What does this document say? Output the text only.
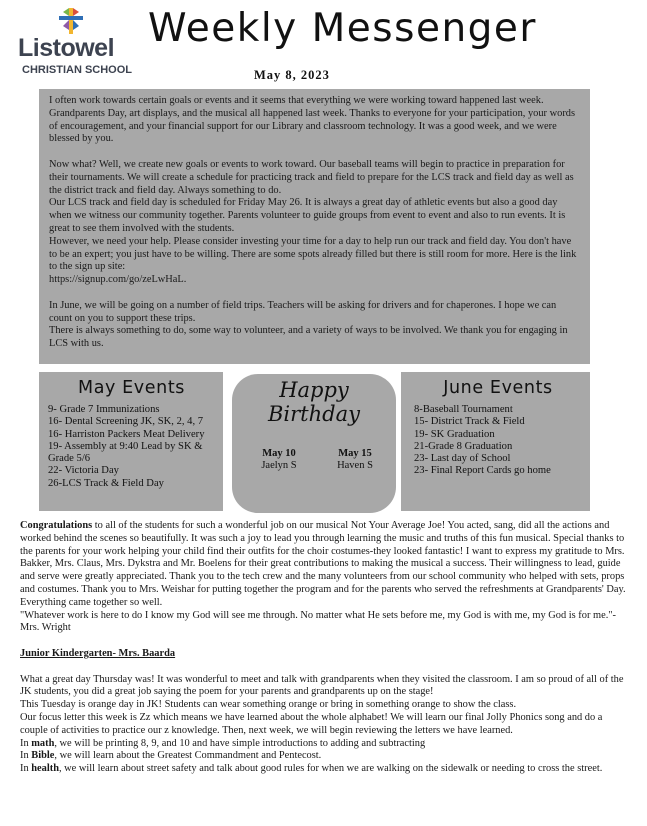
Listowel
CHRISTIAN SCHOOL
Weekly Messenger
May 8, 2023

I often work towards certain goals or events and it seems that everything we were working toward happened last week. Grandparents Day, art displays, and the musical all happened last week. Thanks to everyone for your participation, your words of encouragement, and your financial support for our Library and classroom technology. It was a good week, and we were blessed by you.

Now what? Well, we create new goals or events to work toward. Our baseball teams will begin to practice in preparation for their tournaments. We will create a schedule for practicing track and field to prepare for the LCS track and field day as well as the district track and field day. Always something to do.

Our LCS track and field day is scheduled for Friday May 26. It is always a great day of athletic events but also a good day when we witness our community together. Parents volunteer to guide groups from event to event and also to run events. It is great to see them involved with the students.

However, we need your help. Please consider investing your time for a day to help run our track and field day. You don't have to be an expert; you just have to be willing. There are some spots already filled but there is still room for more. Here is the link to the sign up site:

https://signup.com/go/zeLwHaL.

In June, we will be going on a number of field trips. Teachers will be asking for drivers and for chaperones. I hope we can count on you to support these trips.

There is always something to do, some way to volunteer, and a variety of ways to be involved. We thank you for engaging in LCS with us.

May Events
9- Grade 7 Immunizations
16- Dental Screening JK, SK, 2, 4, 7
16- Harriston Packers Meat Delivery
19- Assembly at 9:40 Lead by SK & Grade 5/6
22- Victoria Day
26-LCS Track & Field Day
Happy
Birthday
May 10
Jaelyn S
May 15
Haven S
June Events
8-Baseball Tournament
15- District Track & Field
19- SK Graduation
21-Grade 8 Graduation
23- Last day of School
23- Final Report Cards go home

Congratulations to all of the students for such a wonderful job on our musical Not Your Average Joe! You acted, sang, did all the actions and worked behind the scenes so beautifully. It was such a joy to lead you through learning the music and truths of this fun musical. Special thanks to the parents for your work helping your child find their outfits for the choir costumes-they looked fantastic! I want to express my gratitude to Mrs. Bakker, Mrs. Claus, Mrs. Dykstra and Mr. Boelens for their great contributions to making the musical a success. Their willingness to lead, guide and serve were greatly appreciated. Thank you to the tech crew and the many volunteers from our school community who helped with sets, props and costumes. Thank you to Mrs. Weishar for putting together the program and for the parents who served the refreshments at Grandparents' Day. Everything came together so well.

"Whatever work is here to do I know my God will see me through. No matter what He sets before me, my God is with me, my God is for me."- Mrs. Wright

Junior Kindergarten- Mrs. Baarda

What a great day Thursday was! It was wonderful to meet and talk with grandparents when they visited the classroom. I am so proud of all of the JK students, you did a great job saying the poem for your parents and grandparents up on the stage!

This Tuesday is orange day in JK! Students can wear something orange or bring in something orange to show the class.

Our focus letter this week is Zz which means we have learned about the whole alphabet! We will learn our final Jolly Phonics song and do a couple of activities to practice our z knowledge. Then, next week, we will begin reviewing the letters we have learned.

In math, we will be printing 8, 9, and 10 and have simple introductions to adding and subtracting

In Bible, we will learn about the Greatest Commandment and Pentecost.

In health, we will learn about street safety and talk about good rules for when we are walking on the sidewalk or needing to cross the street.
